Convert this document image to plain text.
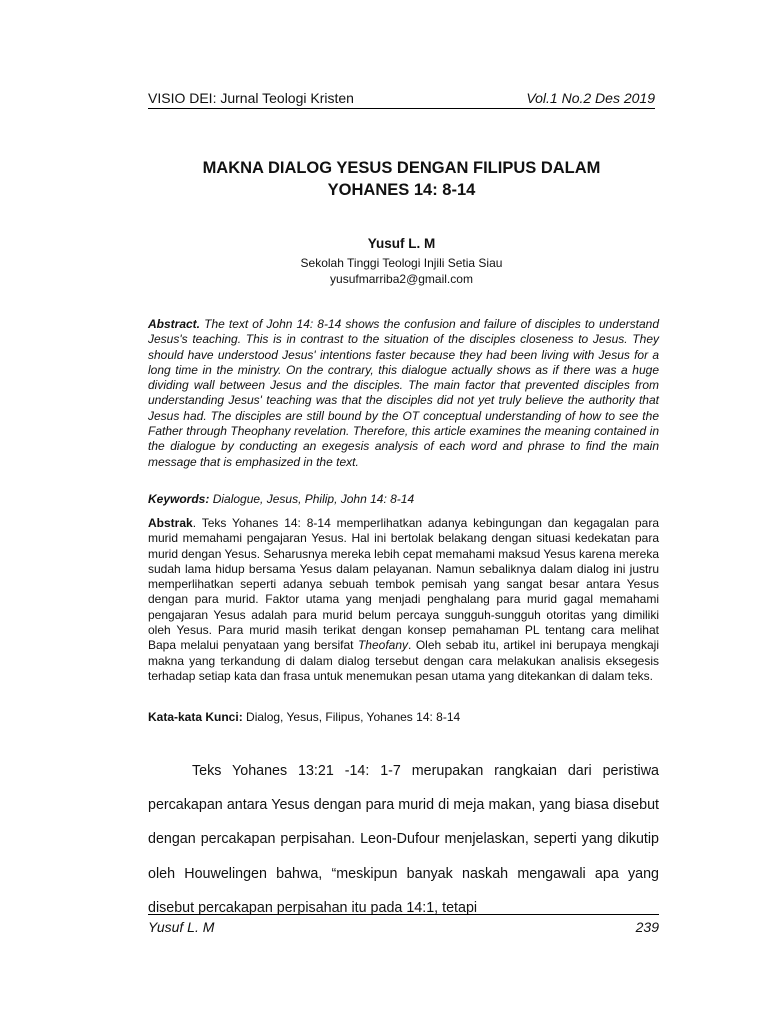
VISIO DEI: Jurnal Teologi Kristen	Vol.1 No.2 Des 2019
MAKNA DIALOG YESUS DENGAN FILIPUS DALAM
YOHANES 14: 8-14
Yusuf L. M
Sekolah Tinggi Teologi Injili Setia Siau
yusufmarriba2@gmail.com
Abstract. The text of John 14: 8-14 shows the confusion and failure of disciples to understand Jesus's teaching. This is in contrast to the situation of the disciples closeness to Jesus. They should have understood Jesus' intentions faster because they had been living with Jesus for a long time in the ministry. On the contrary, this dialogue actually shows as if there was a huge dividing wall between Jesus and the disciples. The main factor that prevented disciples from understanding Jesus' teaching was that the disciples did not yet truly believe the authority that Jesus had. The disciples are still bound by the OT conceptual understanding of how to see the Father through Theophany revelation. Therefore, this article examines the meaning contained in the dialogue by conducting an exegesis analysis of each word and phrase to find the main message that is emphasized in the text.
Keywords: Dialogue, Jesus, Philip, John 14: 8-14
Abstrak. Teks Yohanes 14: 8-14 memperlihatkan adanya kebingungan dan kegagalan para murid memahami pengajaran Yesus. Hal ini bertolak belakang dengan situasi kedekatan para murid dengan Yesus. Seharusnya mereka lebih cepat memahami maksud Yesus karena mereka sudah lama hidup bersama Yesus dalam pelayanan. Namun sebaliknya dalam dialog ini justru memperlihatkan seperti adanya sebuah tembok pemisah yang sangat besar antara Yesus dengan para murid. Faktor utama yang menjadi penghalang para murid gagal memahami pengajaran Yesus adalah para murid belum percaya sungguh-sungguh otoritas yang dimiliki oleh Yesus. Para murid masih terikat dengan konsep pemahaman PL tentang cara melihat Bapa melalui penyataan yang bersifat Theofany. Oleh sebab itu, artikel ini berupaya mengkaji makna yang terkandung di dalam dialog tersebut dengan cara melakukan analisis eksegesis terhadap setiap kata dan frasa untuk menemukan pesan utama yang ditekankan di dalam teks.
Kata-kata Kunci: Dialog, Yesus, Filipus, Yohanes 14: 8-14

Teks Yohanes 13:21 -14: 1-7 merupakan rangkaian dari peristiwa percakapan antara Yesus dengan para murid di meja makan, yang biasa disebut dengan percakapan perpisahan. Leon-Dufour menjelaskan, seperti yang dikutip oleh Houwelingen bahwa, “meskipun banyak naskah mengawali apa yang disebut percakapan perpisahan itu pada 14:1, tetapi

Yusuf L. M	239
